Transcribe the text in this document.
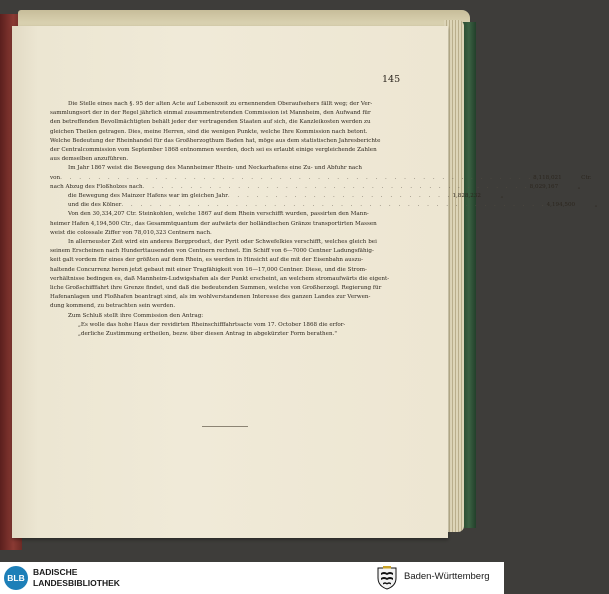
145

Die Stelle eines nach §. 95 der alten Acte auf Lebenszeit zu ernennenden Oberaufsehers fällt weg; der Ver-
sammlungsort der in der Regel jährlich einmal zusammentretenden Commission ist Mannheim, den Aufwand für
den betreffenden Bevollmächtigten behält jeder der vertragenden Staaten auf sich, die Kanzleikosten werden zu
gleichen Theilen getragen. Dies, meine Herren, sind die wenigen Punkte, welche Ihre Kommission nach betont.
Welche Bedeutung der Rheinhandel für das Großherzogthum Baden hat, möge aus dem statistischen Jahresberichte
der Centralcommission vom September 1868 entnommen werden, doch sei es erlaubt einige vergleichende Zahlen
aus demselben anzuführen.

Im Jahr 1867 weist die Bewegung des Mannheimer Rhein- und Neckarhafens eine Zu- und Abfuhr nach
von . . . . . . . . . . . . . . . . . . . . . . . . . . . . . . . . . . . . . . . . . . . . . . . . . . 8,118,021	Ctr.
nach Abzug des Floßholzes nach . . . . . . . . . . . . . . . . . . . . . . . . . . . . . . . . . . . . . . . . . 8,029,167	„
die Bewegung des Mainzer Hafens war im gleichen Jahr . . . . . . . . . . . . . . . . . . . . . . . . 1,828,232	„
und die des Kölner . . . . . . . . . . . . . . . . . . . . . . . . . . . . . . . . . . . . . . . . . . . . . 4,194,500	„

Von den 30,334,207 Ctr. Steinkohlen, welche 1867 auf dem Rhein verschifft wurden, passirten den Mann-
heimer Hafen 4,194,500 Ctr., das Gesammtquantum der aufwärts der holländischen Gränze transportirten Massen
weist die colossale Ziffer von 78,010,323 Centnern nach.

In allerneuster Zeit wird ein anderes Bergproduct, der Pyrit oder Schwefelkies verschifft, welches gleich bei
seinem Erscheinen nach Hunderttausenden von Centnern rechnet. Ein Schiff von 6—7000 Centner Ladungsfähig-
keit galt vordem für eines der größten auf dem Rhein, es werden in Hinsicht auf die mit der Eisenbahn auszu-
haltende Concurrenz heren jetzt gebaut mit einer Tragfähigkeit von 16—17,000 Centner. Diese, und die Strom-
verhältnisse bedingen es, daß Mannheim-Ludwigshafen als der Punkt erscheint, an welchem stromaufwärts die eigent-
liche Großschifffahrt ihre Grenze findet, und daß die bedeutenden Summen, welche von Großherzogl. Regierung für
Hafenanlagen und Floßhafen beantragt sind, als im wohlverstandenen Interesse des ganzen Landes zur Verwen-
dung kommend, zu betrachten sein werden.

Zum Schluß stellt ihre Commission den Antrag:
„Es wolle das hohe Haus der revidirten Rheinschifffahrtsacte vom 17. October 1868 die erfor-
„derliche Zustimmung ertheilen, bezw. über diesen Antrag in abgekürzter Form berathen."
BLB
BADISCHE
LANDESBIBLIOTHEK
Baden-Württemberg
